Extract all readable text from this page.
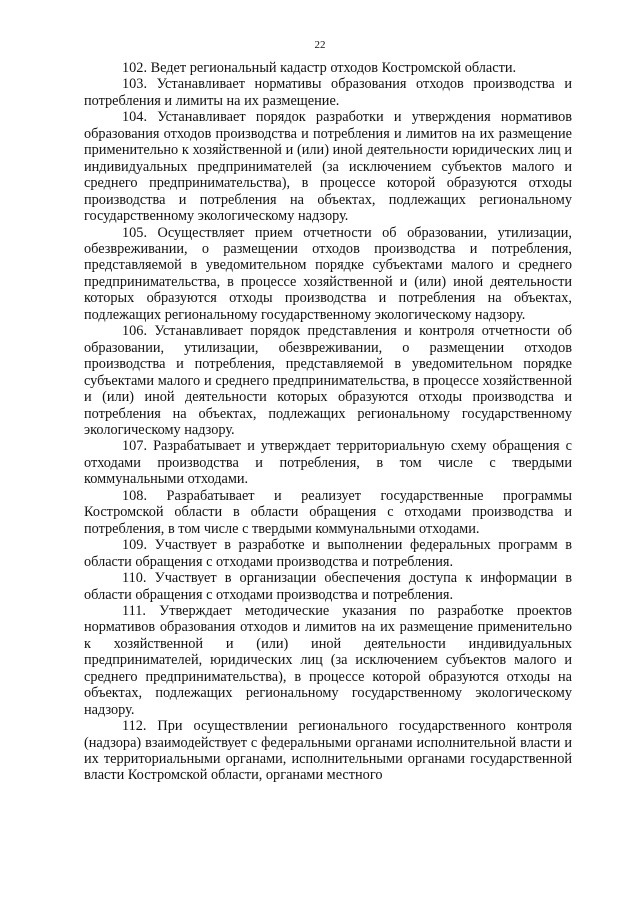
22

102. Ведет региональный кадастр отходов Костромской области.

103. Устанавливает нормативы образования отходов производства и потребления и лимиты на их размещение.

104. Устанавливает порядок разработки и утверждения нормативов образования отходов производства и потребления и лимитов на их размещение применительно к хозяйственной и (или) иной деятельности юридических лиц и индивидуальных предпринимателей (за исключением субъектов малого и среднего предпринимательства), в процессе которой образуются отходы производства и потребления на объектах, подлежащих региональному государственному экологическому надзору.

105. Осуществляет прием отчетности об образовании, утилизации, обезвреживании, о размещении отходов производства и потребления, представляемой в уведомительном порядке субъектами малого и среднего предпринимательства, в процессе хозяйственной и (или) иной деятельности которых образуются отходы производства и потребления на объектах, подлежащих региональному государственному экологическому надзору.

106. Устанавливает порядок представления и контроля отчетности об образовании, утилизации, обезвреживании, о размещении отходов производства и потребления, представляемой в уведомительном порядке субъектами малого и среднего предпринимательства, в процессе хозяйственной и (или) иной деятельности которых образуются отходы производства и потребления на объектах, подлежащих региональному государственному экологическому надзору.

107. Разрабатывает и утверждает территориальную схему обращения с отходами производства и потребления, в том числе с твердыми коммунальными отходами.

108. Разрабатывает и реализует государственные программы Костромской области в области обращения с отходами производства и потребления, в том числе с твердыми коммунальными отходами.

109. Участвует в разработке и выполнении федеральных программ в области обращения с отходами производства и потребления.

110. Участвует в организации обеспечения доступа к информации в области обращения с отходами производства и потребления.

111. Утверждает методические указания по разработке проектов нормативов образования отходов и лимитов на их размещение применительно к хозяйственной и (или) иной деятельности индивидуальных предпринимателей, юридических лиц (за исключением субъектов малого и среднего предпринимательства), в процессе которой образуются отходы на объектах, подлежащих региональному государственному экологическому надзору.

112. При осуществлении регионального государственного контроля (надзора) взаимодействует с федеральными органами исполнительной власти и их территориальными органами, исполнительными органами государственной власти Костромской области, органами местного
